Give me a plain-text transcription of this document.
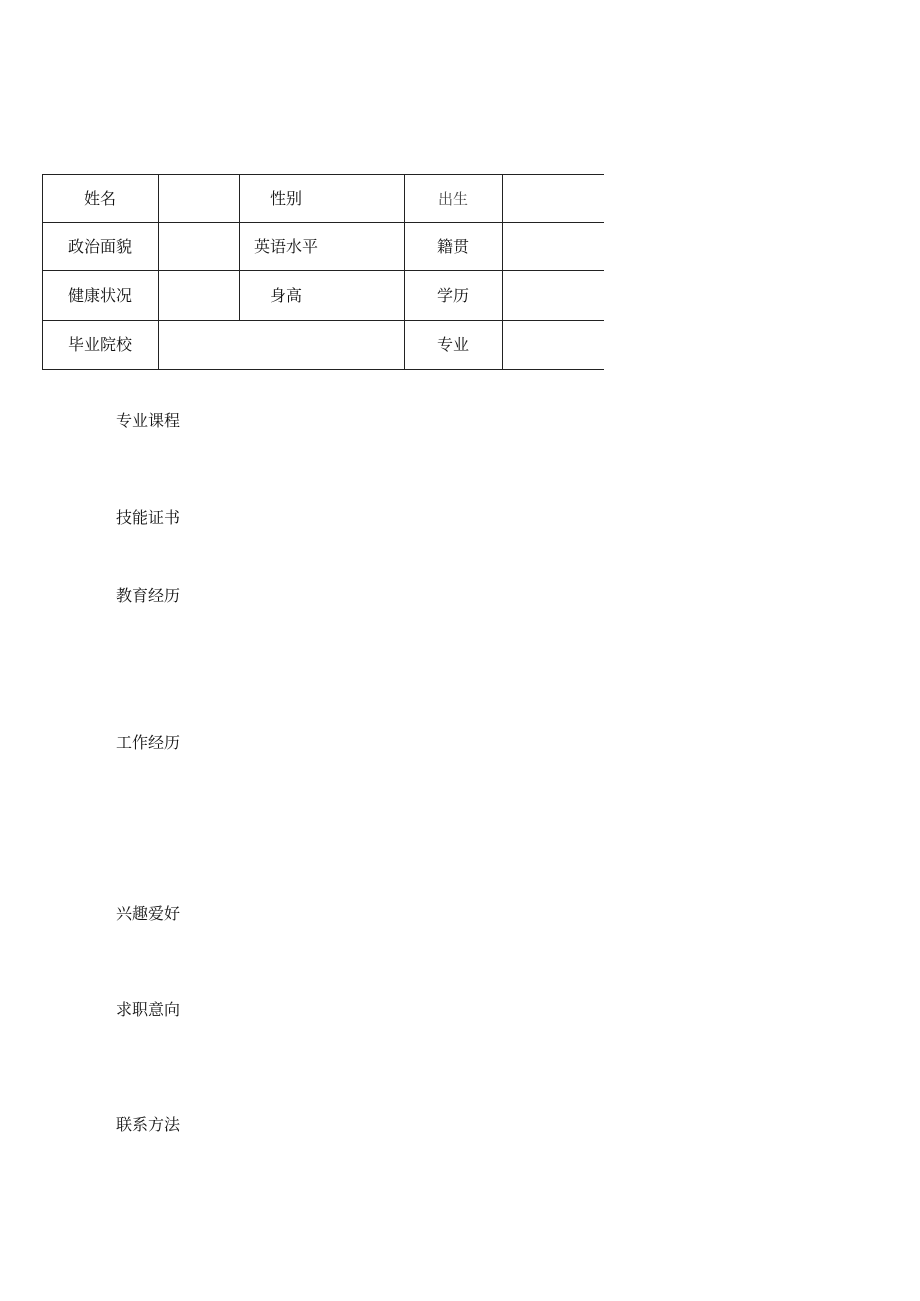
姓名	性别	出生
政治面貌	英语水平	籍贯
健康状况	身高	学历
毕业院校	专业
专业课程
技能证书
教育经历
工作经历
兴趣爱好
求职意向
联系方法
